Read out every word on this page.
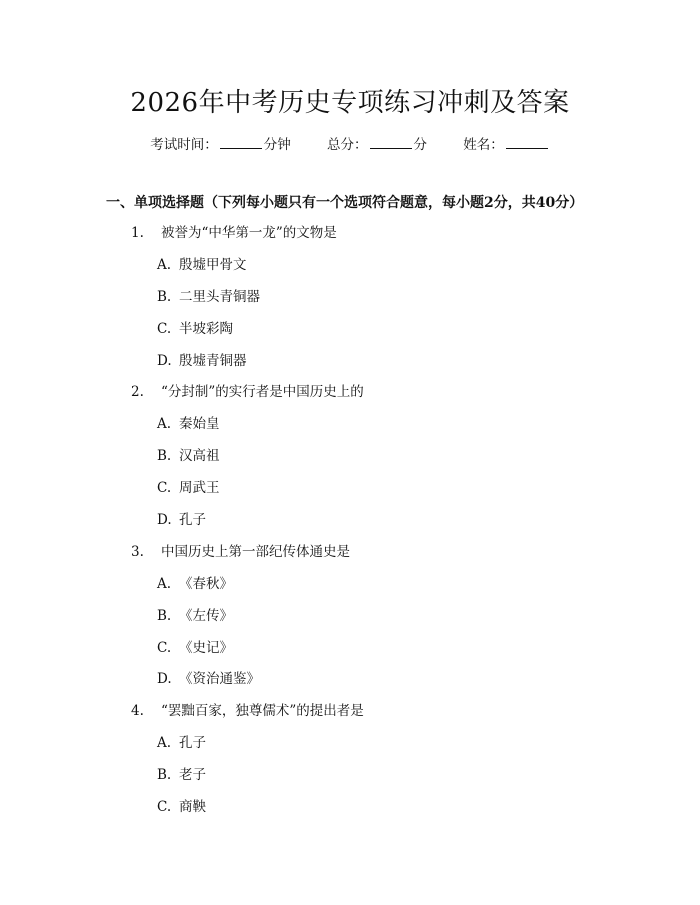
2026年中考历史专项练习冲刺及答案
考试时间：	分钟	总分：	分	姓名：
一、单项选择题（下列每小题只有一个选项符合题意，每小题2分，共40分）
1. 被誉为“中华第一龙”的文物是
A. 殷墟甲骨文
B. 二里头青铜器
C. 半坡彩陶
D. 殷墟青铜器
2. “分封制”的实行者是中国历史上的
A. 秦始皇
B. 汉高祖
C. 周武王
D. 孔子
3. 中国历史上第一部纪传体通史是
A. 《春秋》
B. 《左传》
C. 《史记》
D. 《资治通鉴》
4. “罢黜百家，独尊儒术”的提出者是
A. 孔子
B. 老子
C. 商鞅
